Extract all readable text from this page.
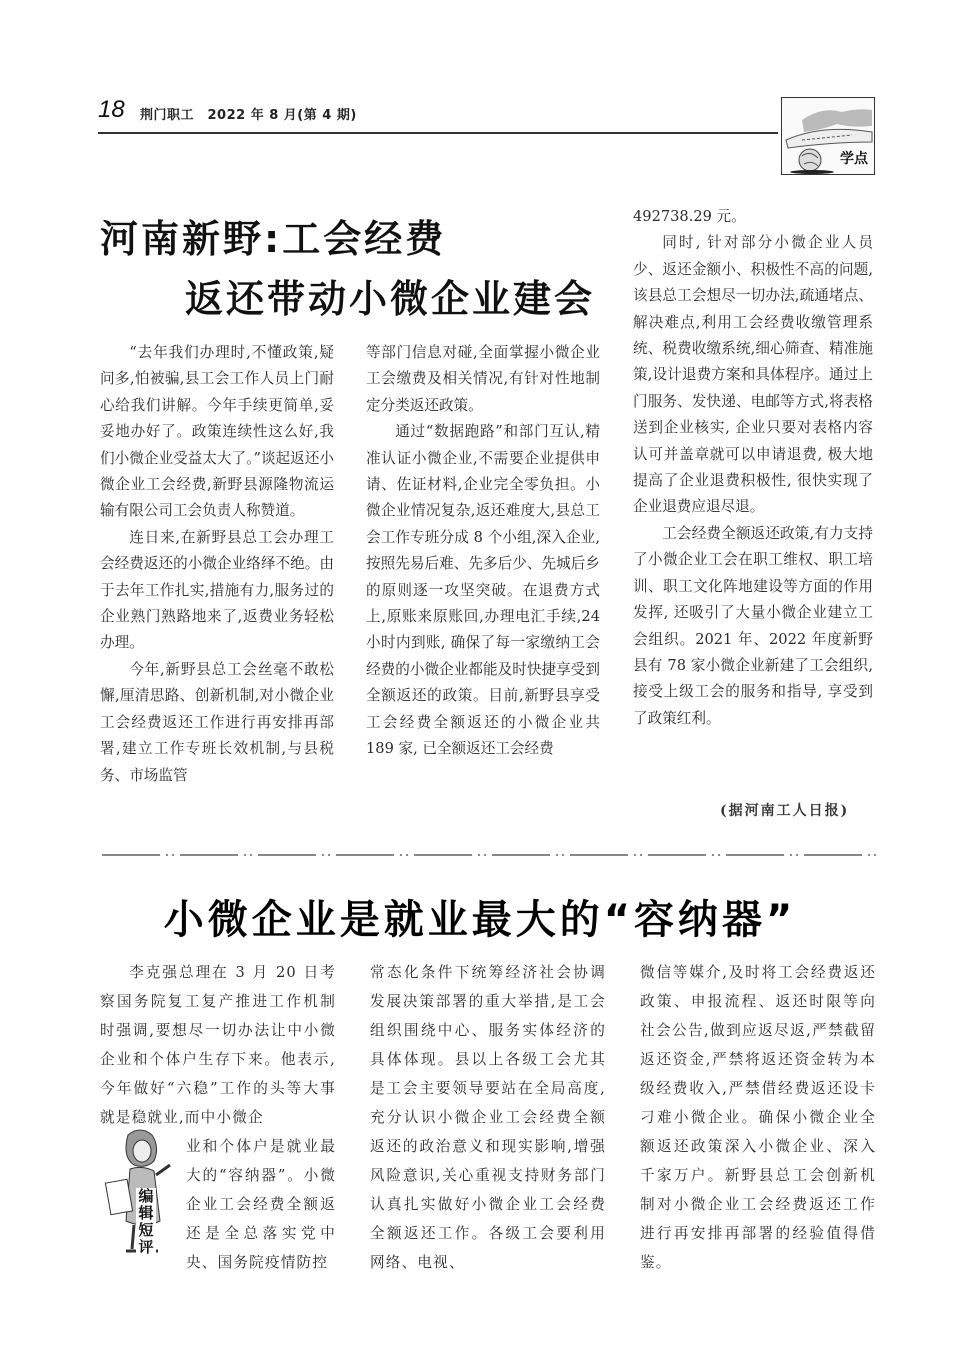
18 荆门职工　2022 年 8 月(第 4 期)
学点
河南新野:工会经费
返还带动小微企业建会

“去年我们办理时,不懂政策,疑问多,怕被骗,县工会工作人员上门耐心给我们讲解。今年手续更简单,妥妥地办好了。政策连续性这么好,我们小微企业受益太大了。”谈起返还小微企业工会经费,新野县源隆物流运输有限公司工会负责人称赞道。

连日来,在新野县总工会办理工会经费返还的小微企业络绎不绝。由于去年工作扎实,措施有力,服务过的企业熟门熟路地来了,返费业务轻松办理。

今年,新野县总工会丝毫不敢松懈,厘清思路、创新机制,对小微企业工会经费返还工作进行再安排再部署,建立工作专班长效机制,与县税务、市场监管

等部门信息对碰,全面掌握小微企业工会缴费及相关情况,有针对性地制定分类返还政策。

通过“数据跑路”和部门互认,精准认证小微企业,不需要企业提供申请、佐证材料,企业完全零负担。小微企业情况复杂,返还难度大,县总工会工作专班分成 8 个小组,深入企业,按照先易后难、先多后少、先城后乡的原则逐一攻坚突破。在退费方式上,原账来原账回,办理电汇手续,24 小时内到账, 确保了每一家缴纳工会经费的小微企业都能及时快捷享受到全额返还的政策。目前,新野县享受工会经费全额返还的小微企业共 189 家, 已全额返还工会经费

492738.29 元。

同时, 针对部分小微企业人员少、返还金额小、积极性不高的问题,该县总工会想尽一切办法,疏通堵点、解决难点,利用工会经费收缴管理系统、税费收缴系统,细心筛查、精准施策,设计退费方案和具体程序。通过上门服务、发快递、电邮等方式,将表格送到企业核实, 企业只要对表格内容认可并盖章就可以申请退费, 极大地提高了企业退费积极性, 很快实现了企业退费应退尽退。

工会经费全额返还政策,有力支持了小微企业工会在职工维权、职工培训、职工文化阵地建设等方面的作用发挥, 还吸引了大量小微企业建立工会组织。2021 年、2022 年度新野县有 78 家小微企业新建了工会组织, 接受上级工会的服务和指导, 享受到了政策红利。

(据河南工人日报)
小微企业是就业最大的“容纳器”

李克强总理在 3 月 20 日考察国务院复工复产推进工作机制时强调,要想尽一切办法让中小微企业和个体户生存下来。他表示,今年做好“六稳”工作的头等大事就是稳就业,而中小微企

业和个体户是就业最大的“容纳器”。小微企业工会经费全额返还是全总落实党中央、国务院疫情防控

编辑短评

常态化条件下统筹经济社会协调发展决策部署的重大举措,是工会组织围绕中心、服务实体经济的具体体现。县以上各级工会尤其是工会主要领导要站在全局高度,充分认识小微企业工会经费全额返还的政治意义和现实影响,增强风险意识,关心重视支持财务部门认真扎实做好小微企业工会经费全额返还工作。各级工会要利用网络、电视、

微信等媒介,及时将工会经费返还政策、申报流程、返还时限等向社会公告,做到应返尽返,严禁截留返还资金,严禁将返还资金转为本级经费收入,严禁借经费返还设卡刁难小微企业。确保小微企业全额返还政策深入小微企业、深入千家万户。新野县总工会创新机制对小微企业工会经费返还工作进行再安排再部署的经验值得借鉴。
